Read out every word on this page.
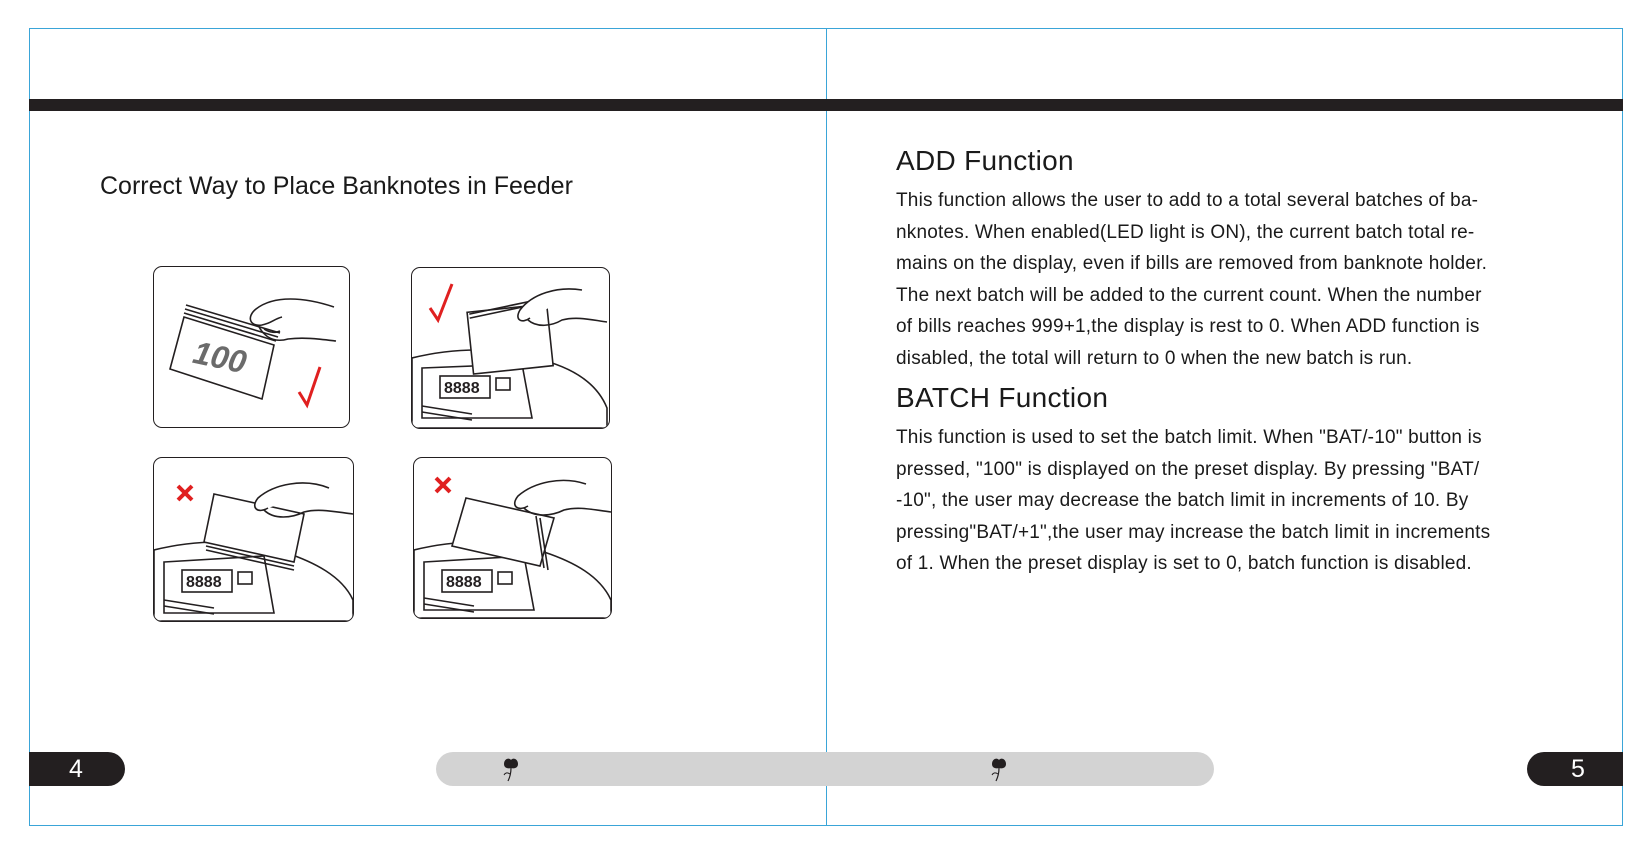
Correct Way to Place Banknotes in Feeder
100
8888
8888	8888
ADD Function

This function allows the user to add to a total several batches of ba-
nknotes. When enabled(LED light is ON), the current batch total re-
mains on the display, even if bills are removed from banknote holder.
The next batch will be added to the current count. When the number
of bills reaches 999+1,the display is rest to 0. When ADD function is
disabled, the total will return to 0 when the new batch is run.

BATCH Function

This function is used to set the batch limit. When "BAT/-10" button is
pressed, "100" is displayed on the preset display. By pressing "BAT/
-10", the user may decrease the batch limit in increments of 10. By
pressing"BAT/+1",the user may increase the batch limit in increments
of 1. When the preset display is set to 0, batch function is disabled.

4	5
